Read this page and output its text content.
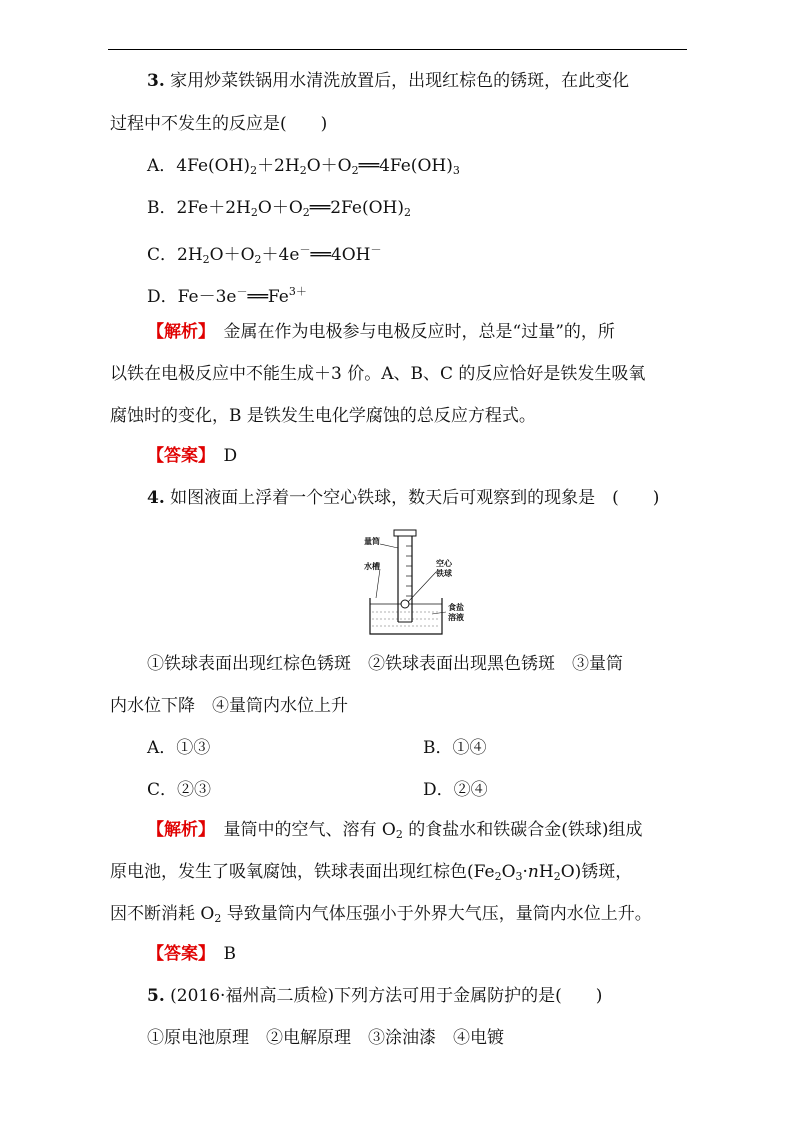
3. 家用炒菜铁锅用水清洗放置后，出现红棕色的锈斑，在此变化
过程中不发生的反应是(　　)
A．$4Fe(OH)_2+2H_2O+O_2══4Fe(OH)_3$
B．$2Fe+2H_2O+O_2══2Fe(OH)_2$
C．$2H_2O+O_2+4e^-══4OH^-$
D．$Fe-3e^-══Fe^{3+}$
【解析】　 金属在作为电极参与电极反应时，总是“过量”的，所
以铁在电极反应中不能生成＋3 价。A、B、C 的反应恰好是铁发生吸氧
腐蚀时的变化，B 是铁发生电化学腐蚀的总反应方程式。
【答案】　 D
4. 如图液面上浮着一个空心铁球，数天后可观察到的现象是　(　　)
量筒
水槽	空心
铁球
食盐
溶液
①铁球表面出现红棕色锈斑　②铁球表面出现黑色锈斑　③量筒
内水位下降　④量筒内水位上升
A．①③	B．①④
C．②③	D．②④
【解析】　 量筒中的空气、溶有 $O_2$ 的食盐水和铁碳合金(铁球)组成
原电池，发生了吸氧腐蚀，铁球表面出现红棕色$(Fe_2O_3\cdot nH_2O)$锈斑，
因不断消耗 $O_2$ 导致量筒内气体压强小于外界大气压，量筒内水位上升。
【答案】　 B
5. (2016·福州高二质检)下列方法可用于金属防护的是(　　)
①原电池原理　②电解原理　③涂油漆　④电镀
